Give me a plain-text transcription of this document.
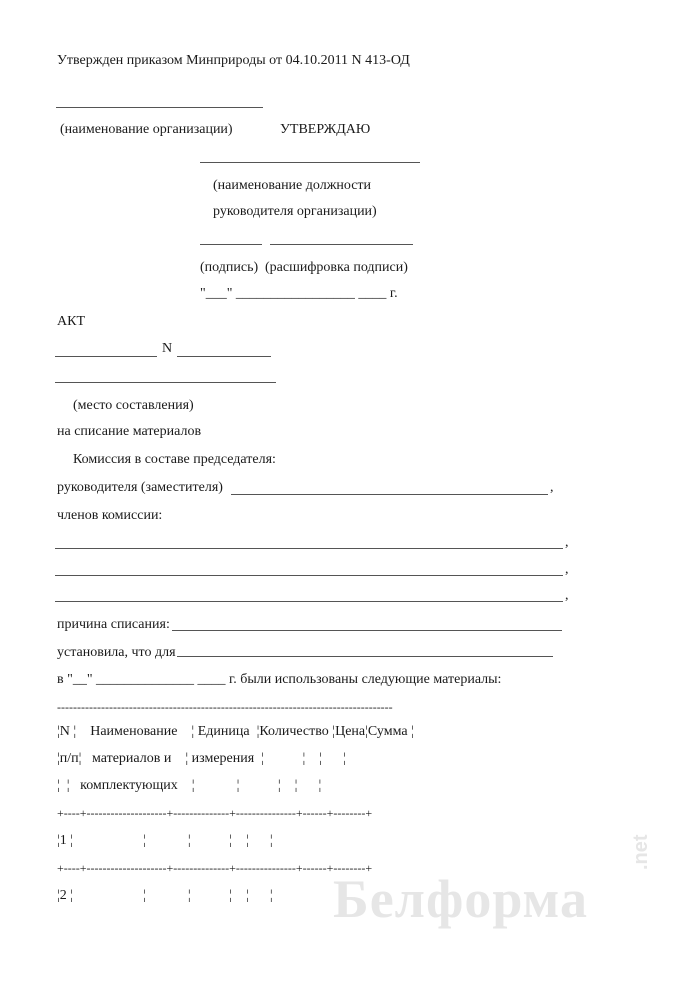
Белформа
.net
Утвержден приказом Минприроды от 04.10.2011 N 413-ОД
(наименование организации)	УТВЕРЖДАЮ
(наименование должности
руководителя организации)
(подпись) (расшифровка подписи)
"___" _________________ ____ г.
АКТ
N
(место составления)
на списание материалов
Комиссия в составе председателя:
руководителя (заместителя)	,
членов комиссии:
,
,
,
причина списания:
установила, что для
в "__" ______________ ____ г. были использованы следующие материалы:
------------------------------------------------------------------------------------
¦N ¦    Наименование    ¦ Единица  ¦Количество ¦Цена¦Сумма ¦
¦п/п¦   материалов и    ¦ измерения  ¦           ¦    ¦      ¦
¦  ¦   комплектующих    ¦            ¦           ¦    ¦      ¦
+----+--------------------+--------------+---------------+------+--------+
¦1 ¦                    ¦            ¦           ¦    ¦      ¦
+----+--------------------+--------------+---------------+------+--------+
¦2 ¦                    ¦            ¦           ¦    ¦      ¦
